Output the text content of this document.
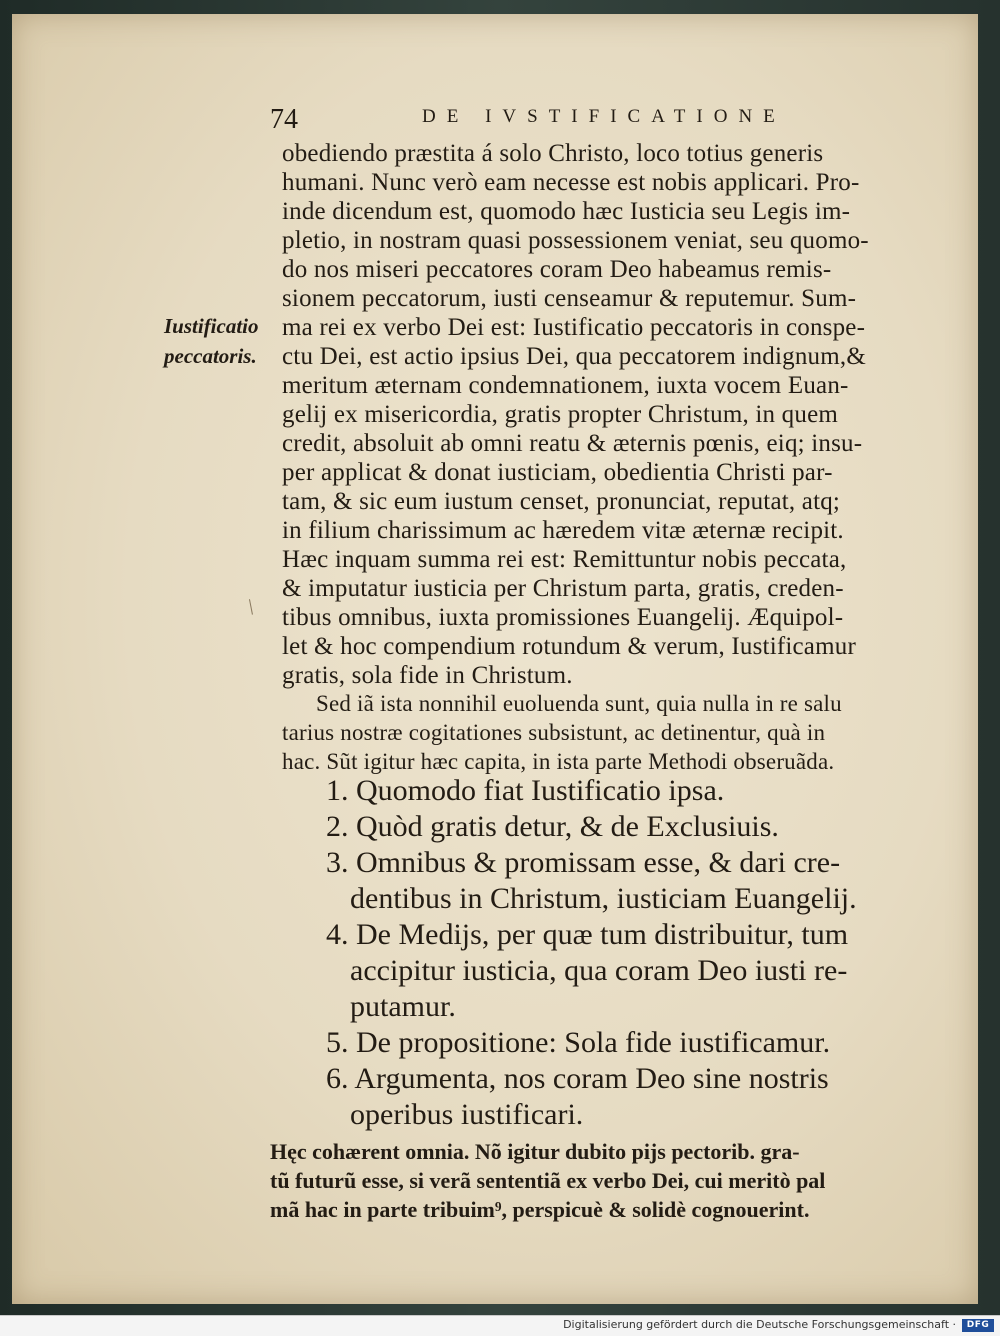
74	DE IVSTIFICATIONE
Iustificatio
peccatoris.
/
obediendo præstita á solo Christo, loco totius generis
humani. Nunc verò eam necesse est nobis applicari. Pro-
inde dicendum est, quomodo hæc Iusticia seu Legis im-
pletio, in nostram quasi possessionem veniat, seu quomo-
do nos miseri peccatores coram Deo habeamus remis-
sionem peccatorum, iusti censeamur & reputemur. Sum-
ma rei ex verbo Dei est: Iustificatio peccatoris in conspe-
ctu Dei, est actio ipsius Dei, qua peccatorem indignum,&
meritum æternam condemnationem, iuxta vocem Euan-
gelij ex misericordia, gratis propter Christum, in quem
credit, absoluit ab omni reatu & æternis pœnis, eiq; insu-
per applicat & donat iusticiam, obedientia Christi par-
tam, & sic eum iustum censet, pronunciat, reputat, atq;
in filium charissimum ac hæredem vitæ æternæ recipit.
Hæc inquam summa rei est: Remittuntur nobis peccata,
& imputatur iusticia per Christum parta, gratis, creden-
tibus omnibus, iuxta promissiones Euangelij. Æquipol-
let & hoc compendium rotundum & verum, Iustificamur
gratis, sola fide in Christum.
Sed iã ista nonnihil euoluenda sunt, quia nulla in re salu
tarius nostræ cogitationes subsistunt, ac detinentur, quà in
hac. Sũt igitur hæc capita, in ista parte Methodi obseruãda.
1. Quomodo fiat Iustificatio ipsa.
2. Quòd gratis detur, & de Exclusiuis.
3. Omnibus & promissam esse, & dari cre-
dentibus in Christum, iusticiam Euangelij.
4. De Medijs, per quæ tum distribuitur, tum
accipitur iusticia, qua coram Deo iusti re-
putamur.
5. De propositione: Sola fide iustificamur.
6. Argumenta, nos coram Deo sine nostris
operibus iustificari.
Hęc cohærent omnia. Nõ igitur dubito pijs pectorib. gra-
tũ futurũ esse, si verã sententiã ex verbo Dei, cui meritò pal
mã hac in parte tribuim⁹, perspicuè & solidè cognouerint.
Digitalisierung gefördert durch die Deutsche Forschungsgemeinschaft ·	DFG
